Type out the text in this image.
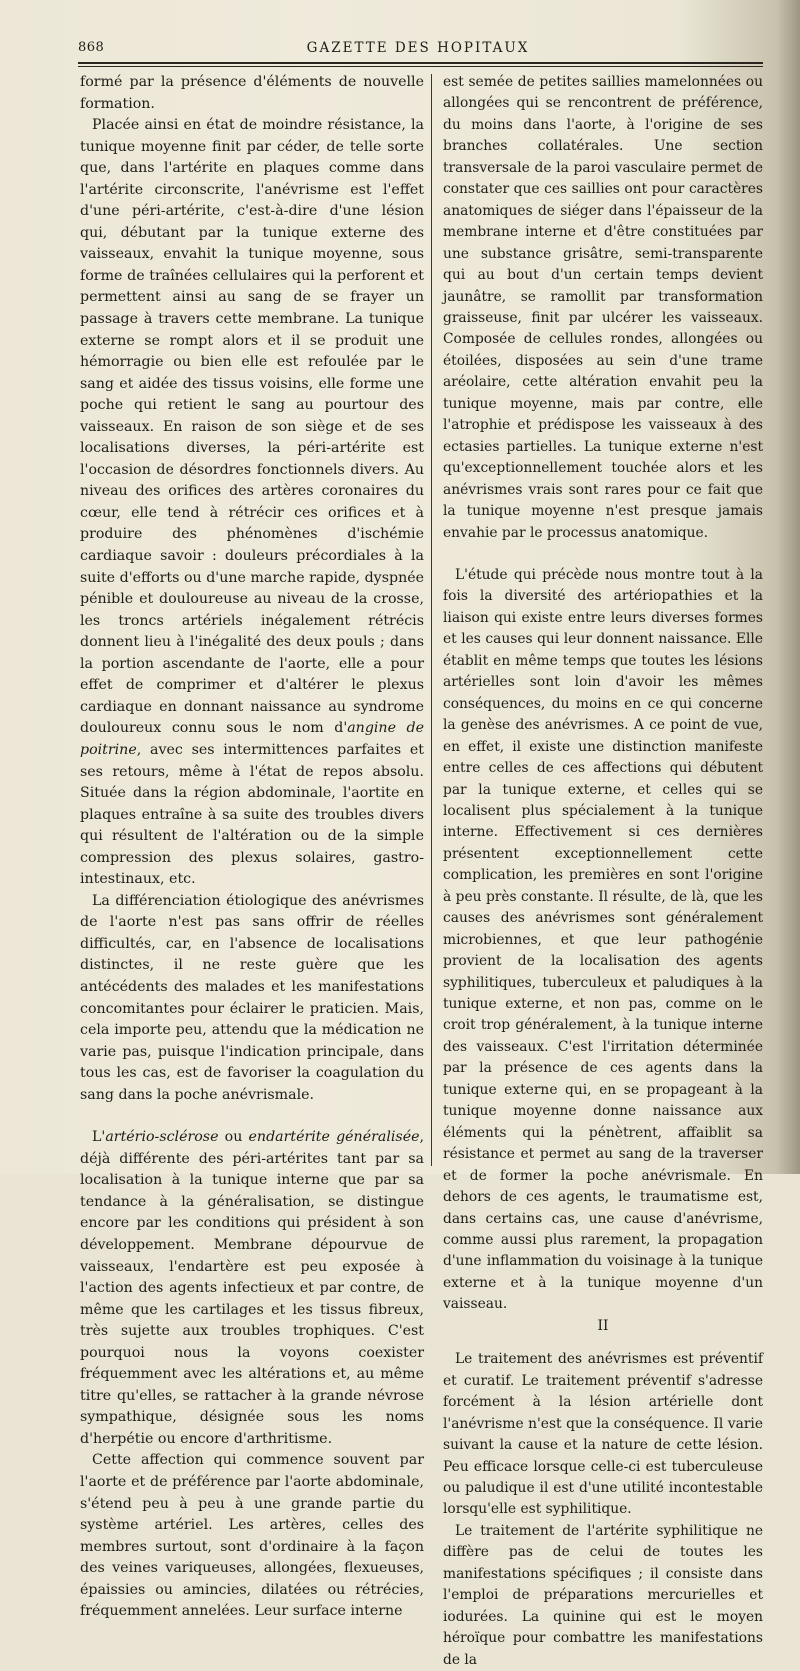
868	GAZETTE DES HOPITAUX

formé par la présence d'éléments de nouvelle formation.

Placée ainsi en état de moindre résistance, la tunique moyenne finit par céder, de telle sorte que, dans l'artérite en plaques comme dans l'artérite circonscrite, l'anévrisme est l'effet d'une péri-artérite, c'est-à-dire d'une lésion qui, débutant par la tunique externe des vaisseaux, envahit la tunique moyenne, sous forme de traînées cellulaires qui la perforent et permettent ainsi au sang de se frayer un passage à travers cette membrane. La tunique externe se rompt alors et il se produit une hémorragie ou bien elle est refoulée par le sang et aidée des tissus voisins, elle forme une poche qui retient le sang au pourtour des vaisseaux. En raison de son siège et de ses localisations diverses, la péri-artérite est l'occasion de désordres fonctionnels divers. Au niveau des orifices des artères coronaires du cœur, elle tend à rétrécir ces orifices et à produire des phénomènes d'ischémie cardiaque savoir : douleurs précordiales à la suite d'efforts ou d'une marche rapide, dyspnée pénible et douloureuse au niveau de la crosse, les troncs artériels inégalement rétrécis donnent lieu à l'inégalité des deux pouls ; dans la portion ascendante de l'aorte, elle a pour effet de comprimer et d'altérer le plexus cardiaque en donnant naissance au syndrome douloureux connu sous le nom d'angine de poitrine, avec ses intermittences parfaites et ses retours, même à l'état de repos absolu. Située dans la région abdominale, l'aortite en plaques entraîne à sa suite des troubles divers qui résultent de l'altération ou de la simple compression des plexus solaires, gastro-intestinaux, etc.

La différenciation étiologique des anévrismes de l'aorte n'est pas sans offrir de réelles difficultés, car, en l'absence de localisations distinctes, il ne reste guère que les antécédents des malades et les manifestations concomitantes pour éclairer le praticien. Mais, cela importe peu, attendu que la médication ne varie pas, puisque l'indication principale, dans tous les cas, est de favoriser la coagulation du sang dans la poche anévrismale.

L'artério-sclérose ou endartérite généralisée, déjà différente des péri-artérites tant par sa localisation à la tunique interne que par sa tendance à la généralisation, se distingue encore par les conditions qui président à son développement. Membrane dépourvue de vaisseaux, l'endartère est peu exposée à l'action des agents infectieux et par contre, de même que les cartilages et les tissus fibreux, très sujette aux troubles trophiques. C'est pourquoi nous la voyons coexister fréquemment avec les altérations et, au même titre qu'elles, se rattacher à la grande névrose sympathique, désignée sous les noms d'herpétie ou encore d'arthritisme.

Cette affection qui commence souvent par l'aorte et de préférence par l'aorte abdominale, s'étend peu à peu à une grande partie du système artériel. Les artères, celles des membres surtout, sont d'ordinaire à la façon des veines variqueuses, allongées, flexueuses, épaissies ou amincies, dilatées ou rétrécies, fréquemment annelées. Leur surface interne

est semée de petites saillies mamelonnées ou allongées qui se rencontrent de préférence, du moins dans l'aorte, à l'origine de ses branches collatérales. Une section transversale de la paroi vasculaire permet de constater que ces saillies ont pour caractères anatomiques de siéger dans l'épaisseur de la membrane interne et d'être constituées par une substance grisâtre, semi-transparente qui au bout d'un certain temps devient jaunâtre, se ramollit par transformation graisseuse, finit par ulcérer les vaisseaux. Composée de cellules rondes, allongées ou étoilées, disposées au sein d'une trame aréolaire, cette altération envahit peu la tunique moyenne, mais par contre, elle l'atrophie et prédispose les vaisseaux à des ectasies partielles. La tunique externe n'est qu'exceptionnellement touchée alors et les anévrismes vrais sont rares pour ce fait que la tunique moyenne n'est presque jamais envahie par le processus anatomique.

L'étude qui précède nous montre tout à la fois la diversité des artériopathies et la liaison qui existe entre leurs diverses formes et les causes qui leur donnent naissance. Elle établit en même temps que toutes les lésions artérielles sont loin d'avoir les mêmes conséquences, du moins en ce qui concerne la genèse des anévrismes. A ce point de vue, en effet, il existe une distinction manifeste entre celles de ces affections qui débutent par la tunique externe, et celles qui se localisent plus spécialement à la tunique interne. Effectivement si ces dernières présentent exceptionnellement cette complication, les premières en sont l'origine à peu près constante. Il résulte, de là, que les causes des anévrismes sont généralement microbiennes, et que leur pathogénie provient de la localisation des agents syphilitiques, tuberculeux et paludiques à la tunique externe, et non pas, comme on le croit trop généralement, à la tunique interne des vaisseaux. C'est l'irritation déterminée par la présence de ces agents dans la tunique externe qui, en se propageant à la tunique moyenne donne naissance aux éléments qui la pénètrent, affaiblit sa résistance et permet au sang de la traverser et de former la poche anévrismale. En dehors de ces agents, le traumatisme est, dans certains cas, une cause d'anévrisme, comme aussi plus rarement, la propagation d'une inflammation du voisinage à la tunique externe et à la tunique moyenne d'un vaisseau.

II

Le traitement des anévrismes est préventif et curatif. Le traitement préventif s'adresse forcément à la lésion artérielle dont l'anévrisme n'est que la conséquence. Il varie suivant la cause et la nature de cette lésion. Peu efficace lorsque celle-ci est tuberculeuse ou paludique il est d'une utilité incontestable lorsqu'elle est syphilitique.

Le traitement de l'artérite syphilitique ne diffère pas de celui de toutes les manifestations spécifiques ; il consiste dans l'emploi de préparations mercurielles et iodurées. La quinine qui est le moyen héroïque pour combattre les manifestations de la
